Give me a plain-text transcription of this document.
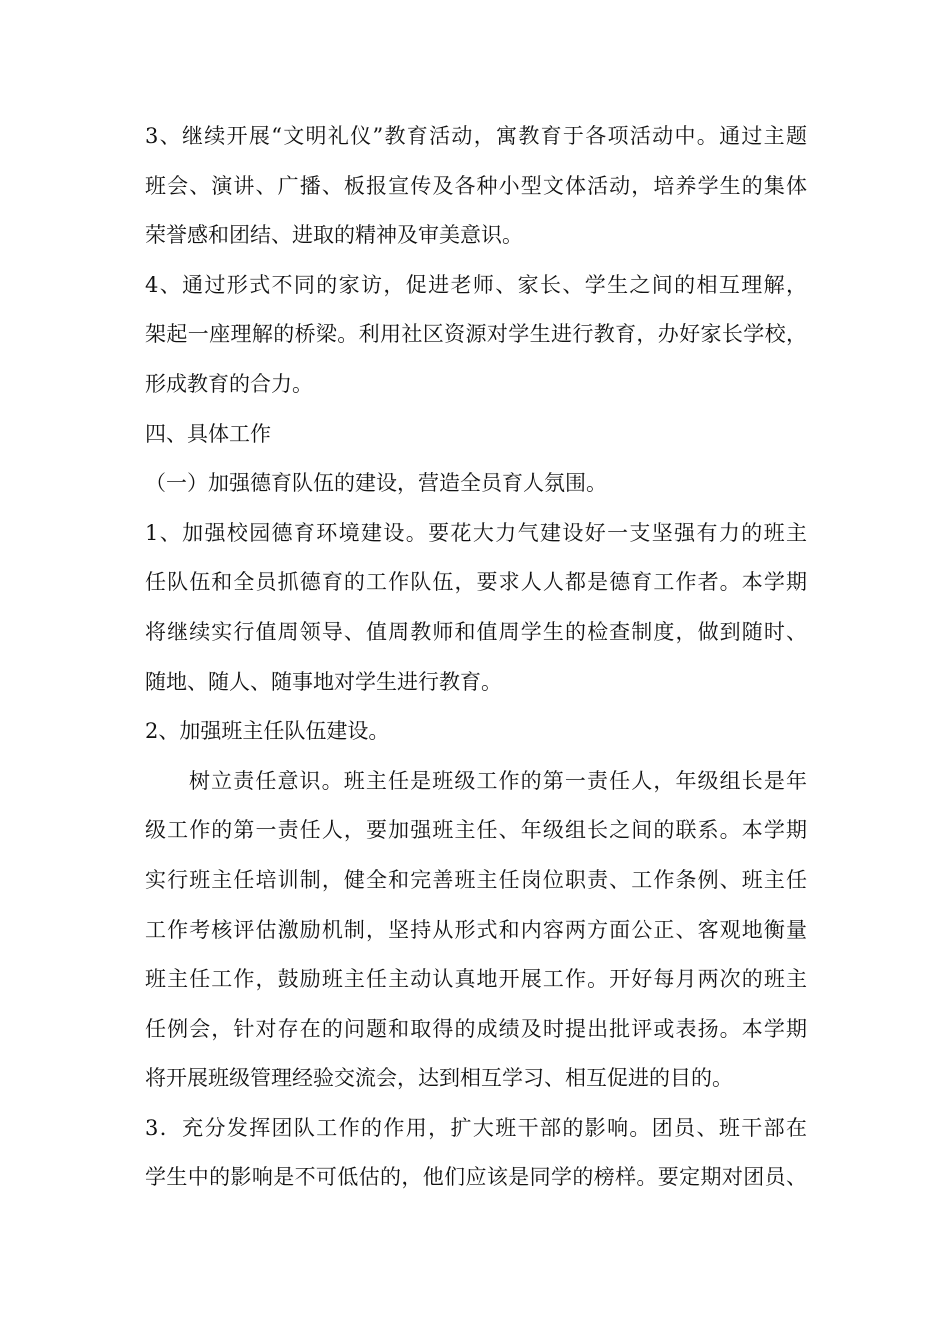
3、继续开展“文明礼仪”教育活动，寓教育于各项活动中。通过主题
班会、演讲、广播、板报宣传及各种小型文体活动，培养学生的集体
荣誉感和团结、进取的精神及审美意识。
4、通过形式不同的家访，促进老师、家长、学生之间的相互理解，
架起一座理解的桥梁。利用社区资源对学生进行教育，办好家长学校，
形成教育的合力。
四、具体工作
（一）加强德育队伍的建设，营造全员育人氛围。
1、加强校园德育环境建设。要花大力气建设好一支坚强有力的班主
任队伍和全员抓德育的工作队伍，要求人人都是德育工作者。本学期
将继续实行值周领导、值周教师和值周学生的检查制度，做到随时、
随地、随人、随事地对学生进行教育。
2、加强班主任队伍建设。
树立责任意识。班主任是班级工作的第一责任人，年级组长是年
级工作的第一责任人，要加强班主任、年级组长之间的联系。本学期
实行班主任培训制，健全和完善班主任岗位职责、工作条例、班主任
工作考核评估激励机制，坚持从形式和内容两方面公正、客观地衡量
班主任工作，鼓励班主任主动认真地开展工作。开好每月两次的班主
任例会，针对存在的问题和取得的成绩及时提出批评或表扬。本学期
将开展班级管理经验交流会，达到相互学习、相互促进的目的。
3．充分发挥团队工作的作用，扩大班干部的影响。团员、班干部在
学生中的影响是不可低估的，他们应该是同学的榜样。要定期对团员、
